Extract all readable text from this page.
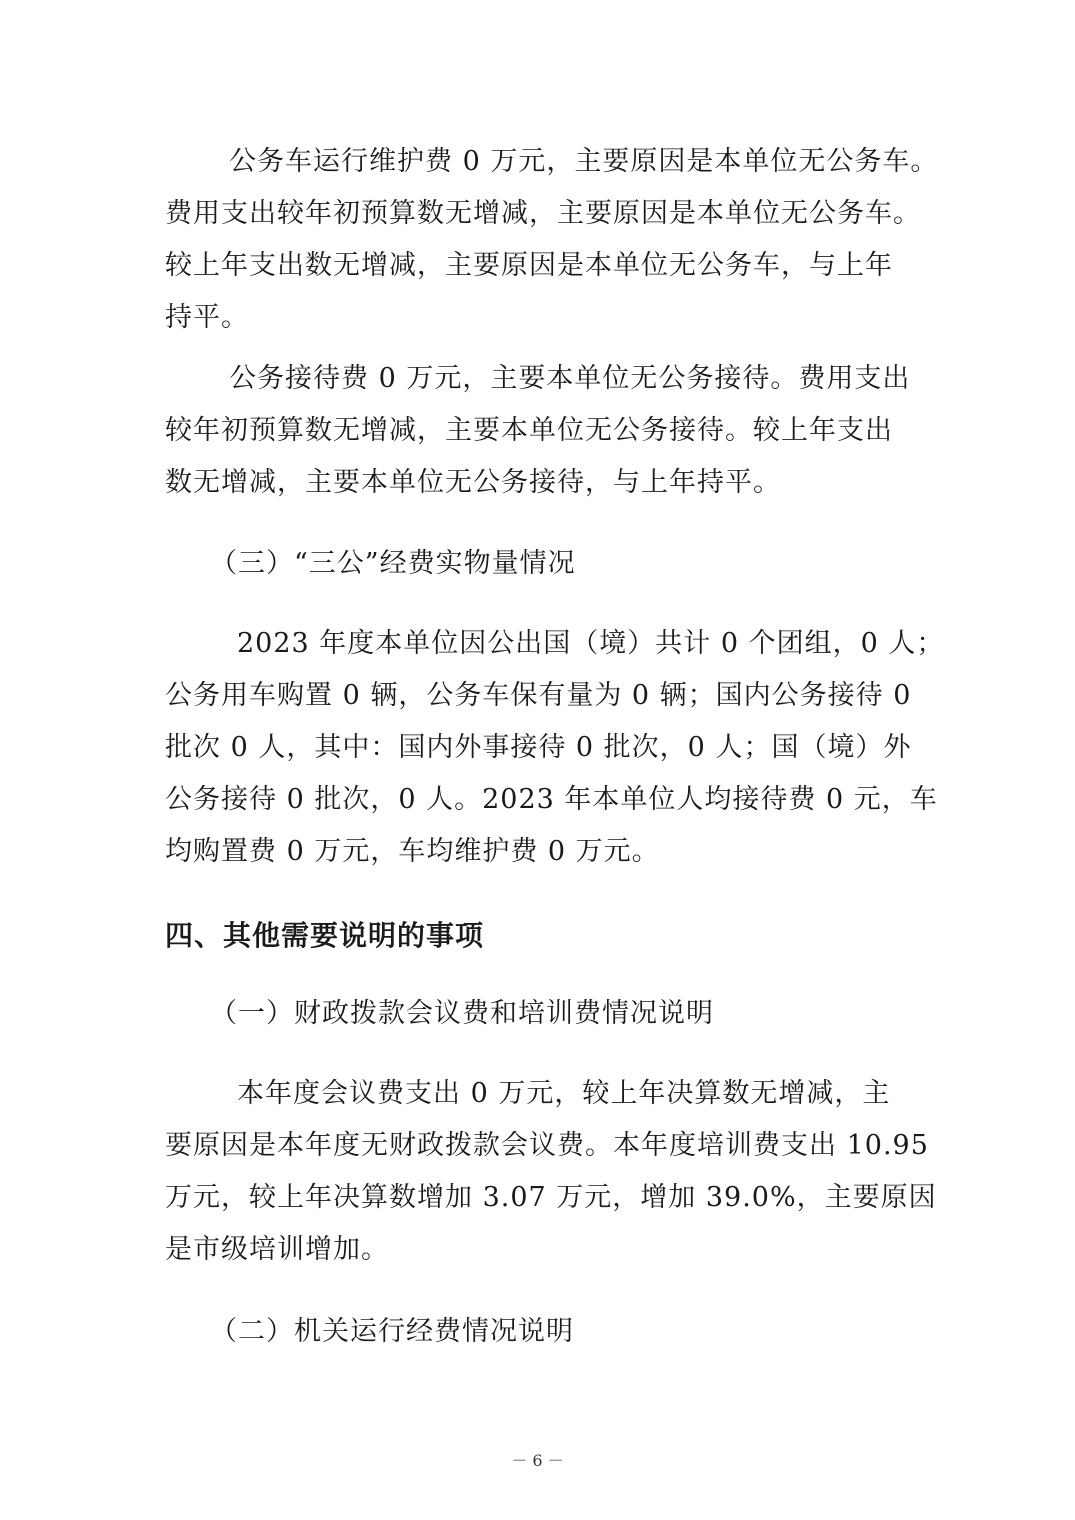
公务车运行维护费 0 万元，主要原因是本单位无公务车。
费用支出较年初预算数无增减，主要原因是本单位无公务车。
较上年支出数无增减，主要原因是本单位无公务车，与上年
持平。
公务接待费 0 万元，主要本单位无公务接待。费用支出
较年初预算数无增减，主要本单位无公务接待。较上年支出
数无增减，主要本单位无公务接待，与上年持平。
（三）“三公”经费实物量情况
2023 年度本单位因公出国（境）共计 0 个团组，0 人；
公务用车购置 0 辆，公务车保有量为 0 辆；国内公务接待 0
批次 0 人，其中：国内外事接待 0 批次，0 人；国（境）外
公务接待 0 批次，0 人。2023 年本单位人均接待费 0 元，车
均购置费 0 万元，车均维护费 0 万元。
四、其他需要说明的事项
（一）财政拨款会议费和培训费情况说明
本年度会议费支出 0 万元，较上年决算数无增减，主
要原因是本年度无财政拨款会议费。本年度培训费支出 10.95
万元，较上年决算数增加 3.07 万元，增加 39.0%，主要原因
是市级培训增加。
（二）机关运行经费情况说明
－ 6 －
